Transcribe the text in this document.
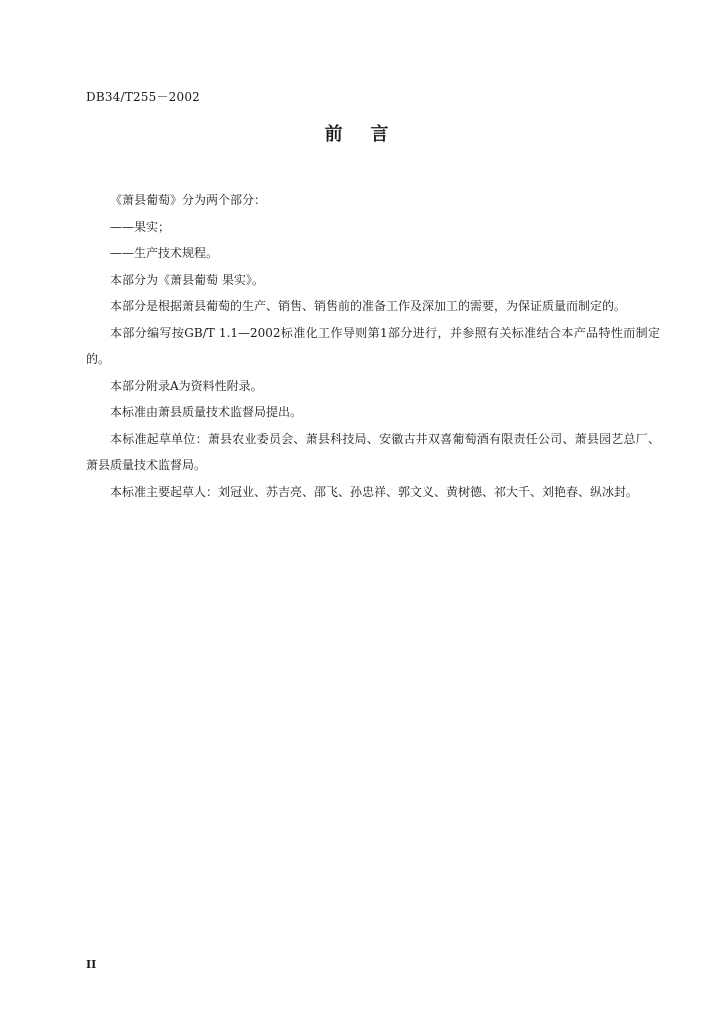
DB34/T255－2002
前 言

《萧县葡萄》分为两个部分：

——果实；

——生产技术规程。

本部分为《萧县葡萄 果实》。

本部分是根据萧县葡萄的生产、销售、销售前的准备工作及深加工的需要，为保证质量而制定的。

本部分编写按GB/T 1.1—2002标准化工作导则第1部分进行，并参照有关标准结合本产品特性而制定的。

本部分附录A为资料性附录。

本标准由萧县质量技术监督局提出。

本标准起草单位：萧县农业委员会、萧县科技局、安徽古井双喜葡萄酒有限责任公司、萧县园艺总厂、萧县质量技术监督局。

本标准主要起草人：刘冠业、苏吉亮、邵飞、孙忠祥、郭文义、黄树德、祁大千、刘艳春、纵冰封。

II
